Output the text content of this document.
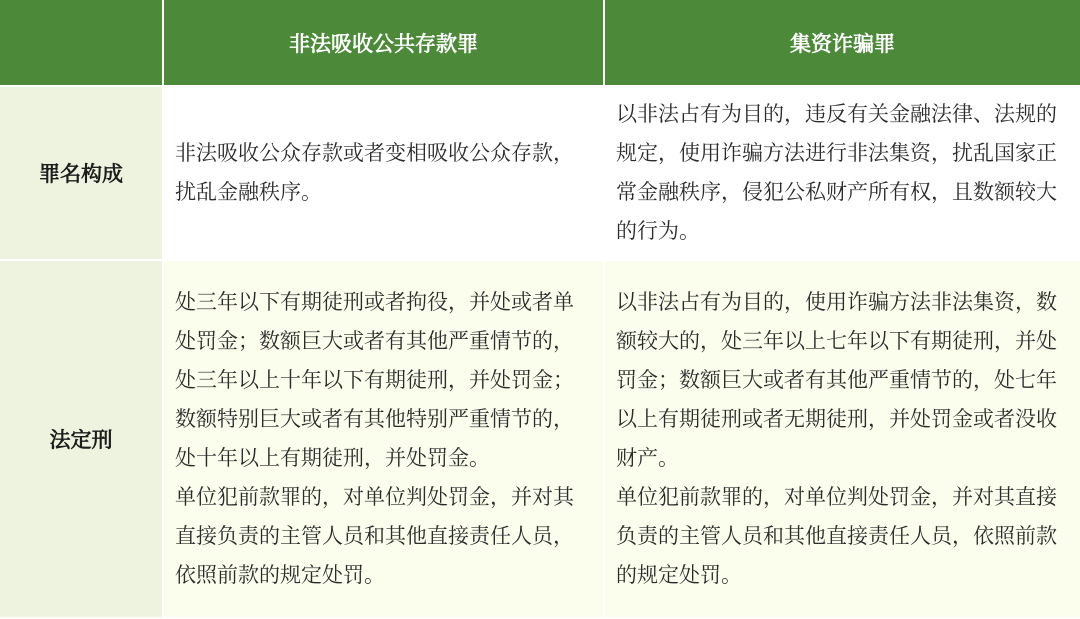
非法吸收公共存款罪	集资诈骗罪
罪名构成

非法吸收公众存款或者变相吸收公众存款，扰乱金融秩序。

以非法占有为目的，违反有关金融法律、法规的规定，使用诈骗方法进行非法集资，扰乱国家正常金融秩序，侵犯公私财产所有权，且数额较大的行为。

法定刑

处三年以下有期徒刑或者拘役，并处或者单处罚金；数额巨大或者有其他严重情节的，处三年以上十年以下有期徒刑，并处罚金；数额特别巨大或者有其他特别严重情节的，处十年以上有期徒刑，并处罚金。

单位犯前款罪的，对单位判处罚金，并对其直接负责的主管人员和其他直接责任人员，依照前款的规定处罚。

以非法占有为目的，使用诈骗方法非法集资，数额较大的，处三年以上七年以下有期徒刑，并处罚金；数额巨大或者有其他严重情节的，处七年以上有期徒刑或者无期徒刑，并处罚金或者没收财产。

单位犯前款罪的，对单位判处罚金，并对其直接负责的主管人员和其他直接责任人员，依照前款的规定处罚。
